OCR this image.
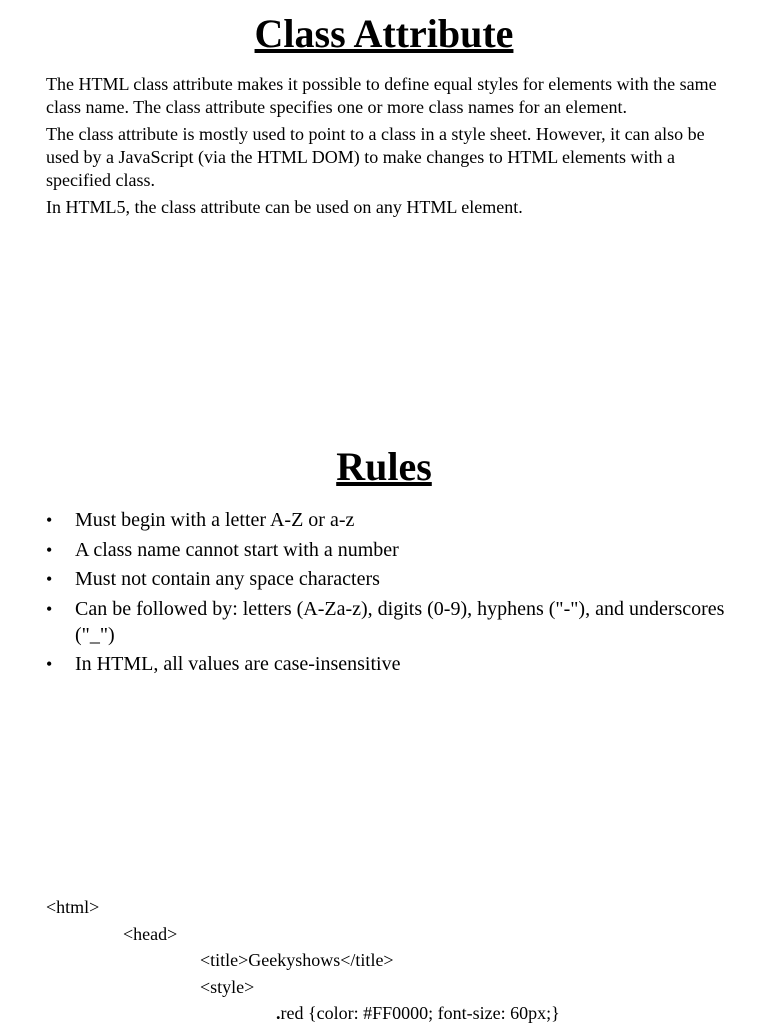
Class Attribute

The HTML class attribute makes it possible to define equal styles for elements with the same class name. The class attribute specifies one or more class names for an element.

The class attribute is mostly used to point to a class in a style sheet. However, it can also be used by a JavaScript (via the HTML DOM) to make changes to HTML elements with a specified class.

In HTML5, the class attribute can be used on any HTML element.

Rules
• Must begin with a letter A-Z or a-z
• A class name cannot start with a number
• Must not contain any space characters
• Can be followed by: letters (A-Za-z), digits (0-9), hyphens ("-"), and underscores ("_")
• In HTML, all values are case-insensitive
<html>
<head>
<title>Geekyshows</title>
<style>
.red {color: #FF0000; font-size: 60px;}
